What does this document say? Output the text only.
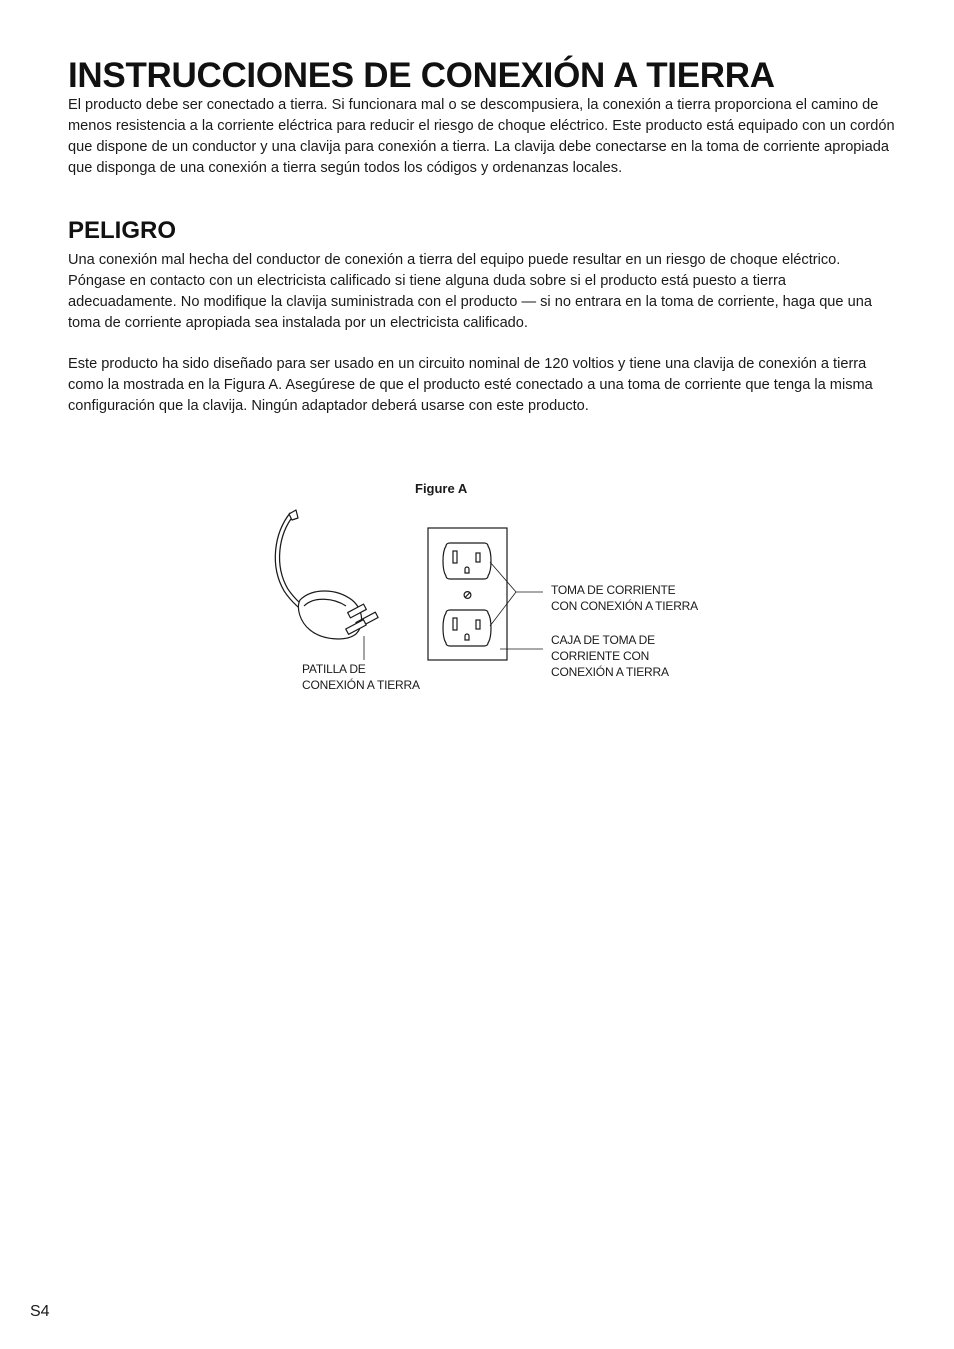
INSTRUCCIONES DE CONEXIÓN A TIERRA

El producto debe ser conectado a tierra. Si funcionara mal o se descompusiera, la conexión a tierra proporciona el camino de menos resistencia a la corriente eléctrica para reducir el riesgo de choque eléctrico. Este producto está equipado con un cordón que dispone de un conductor y una clavija para conexión a tierra. La clavija debe conectarse en la toma de corriente apropiada que disponga de una conexión a tierra según todos los códigos y ordenanzas locales.

PELIGRO

Una conexión mal hecha del conductor de conexión a tierra del equipo puede resultar en un riesgo de choque eléctrico. Póngase en contacto con un electricista calificado si tiene alguna duda sobre si el producto está puesto a tierra adecuadamente. No modifique la clavija suministrada con el producto — si no entrara en la toma de corriente, haga que una toma de corriente apropiada sea instalada por un electricista calificado.

Este producto ha sido diseñado para ser usado en un circuito nominal de 120 voltios y tiene una clavija de conexión a tierra como la mostrada en la Figura A. Asegúrese de que el producto esté conectado a una toma de corriente que tenga la misma configuración que la clavija. Ningún adaptador deberá usarse con este producto.

Figure A
TOMA DE CORRIENTE
CON CONEXIÓN A TIERRA
CAJA DE TOMA DE
CORRIENTE CON
CONEXIÓN A TIERRA
PATILLA DE
CONEXIÓN A TIERRA
S4
